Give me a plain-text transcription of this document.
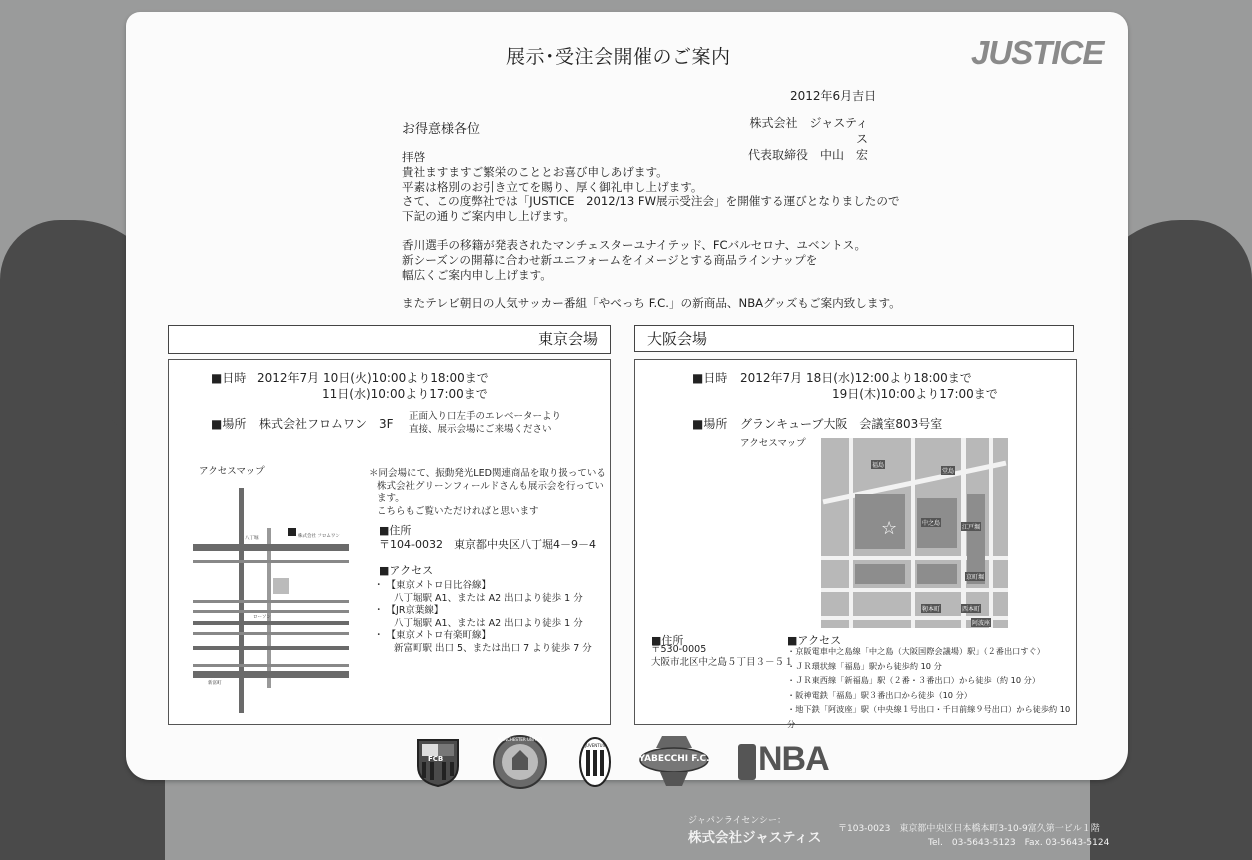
展示･受注会開催のご案内	JUSTICE
2012年6月吉日
お得意様各位	株式会社　ジャスティス
代表取締役　中山　宏

拝啓

貴社ますますご繁栄のこととお喜び申しあげます。

平素は格別のお引き立てを賜り、厚く御礼申し上げます。

さて、この度弊社では「JUSTICE　2012/13 FW展示受注会」を開催する運びとなりましたので

下記の通りご案内申し上げます。

香川選手の移籍が発表されたマンチェスターユナイテッド、FCバルセロナ、ユベントス。

新シーズンの開幕に合わせ新ユニフォームをイメージとする商品ラインナップを

幅広くご案内申し上げます。

またテレビ朝日の人気サッカー番組「やべっち F.C.」の新商品、NBAグッズもご案内致します。

東京会場
■日時 2012年7月 10日(火)10:00より18:00まで
11日(水)10:00より17:00まで
■場所 株式会社フロムワン　3F
正面入り口左手のエレベーターより
直接、展示会場にご来場ください
アクセスマップ
八丁堀	株式会社 フロムワン
ローソン
新富町
＊同会場にて、振動発光LED関連商品を取り扱っている
株式会社グリーンフィールドさんも展示会を行っています。
こちらもご覧いただければと思います
■住所
〒104-0032　東京都中央区八丁堀4－9－4
■アクセス
・ 【東京メトロ日比谷線】
八丁堀駅 A1、または A2 出口より徒歩 1 分
・ 【JR京葉線】
八丁堀駅 A1、または A2 出口より徒歩 1 分
・ 【東京メトロ有楽町線】
新富町駅 出口 5、または出口 7 より徒歩 7 分
大阪会場
■日時 2012年7月 18日(水)12:00より18:00まで
19日(木)10:00より17:00まで
■場所 グランキューブ大阪　会議室803号室
アクセスマップ
福島
中之島
堂島
江戸堀
西本町
京町堀
靭本町
阿波座
☆
■住所
〒530-0005
大阪市北区中之島５丁目３－５１
■アクセス
・京阪電車中之島線「中之島（大阪国際会議場）駅」（２番出口すぐ）
・ＪＲ環状線「福島」駅から徒歩約 10 分
・ＪＲ東西線「新福島」駅（２番・３番出口）から徒歩（約 10 分）
・阪神電鉄「福島」駅３番出口から徒歩（10 分）
・地下鉄「阿波座」駅（中央線１号出口・千日前線９号出口）から徒歩約 10 分
FCB
MANCHESTER UNITED
JUVENTUS
YABECCHI F.C. NBA
ジャパンライセンシー：
株式会社ジャスティス
〒103-0023　東京都中央区日本橋本町3-10-9富久第一ビル１階
Tel.　03-5643-5123　Fax. 03-5643-5124
